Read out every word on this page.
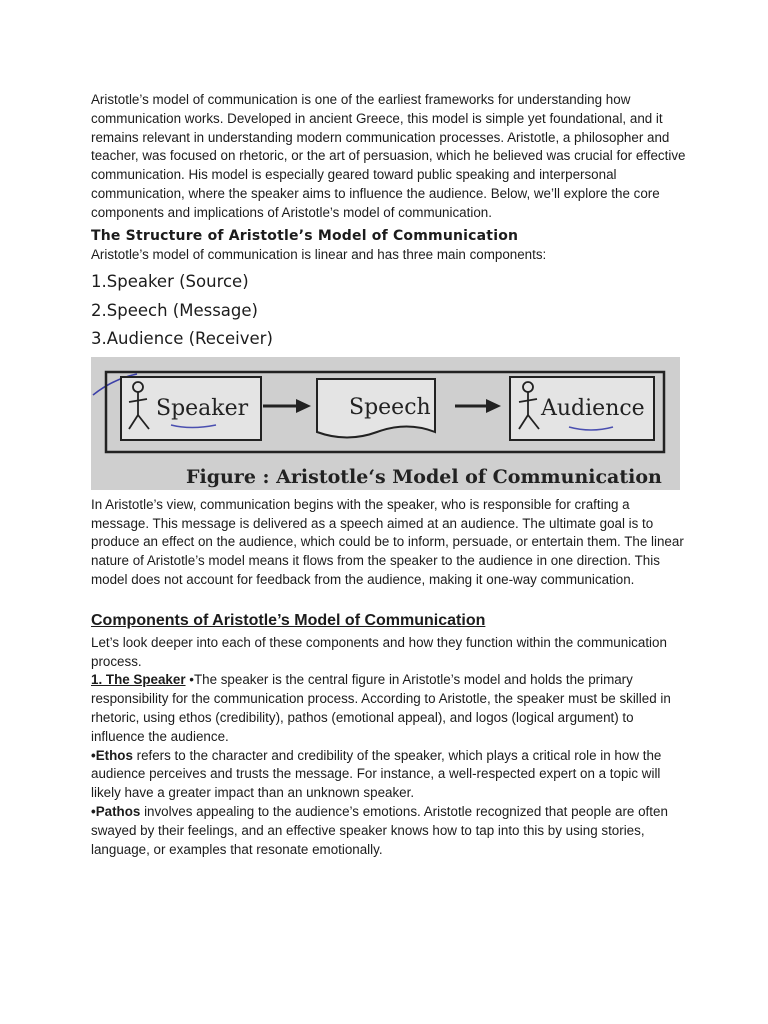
Aristotle’s model of communication is one of the earliest frameworks for understanding how communication works. Developed in ancient Greece, this model is simple yet foundational, and it remains relevant in understanding modern communication processes. Aristotle, a philosopher and teacher, was focused on rhetoric, or the art of persuasion, which he believed was crucial for effective communication. His model is especially geared toward public speaking and interpersonal communication, where the speaker aims to influence the audience. Below, we’ll explore the core components and implications of Aristotle’s model of communication.

The Structure of Aristotle’s Model of Communication

Aristotle’s model of communication is linear and has three main components:

1.Speaker (Source)

2.Speech (Message)

3.Audience (Receiver)

Speaker	Speech	Audience
Figure : Aristotle‘s Model of Communication

In Aristotle’s view, communication begins with the speaker, who is responsible for crafting a message. This message is delivered as a speech aimed at an audience. The ultimate goal is to produce an effect on the audience, which could be to inform, persuade, or entertain them. The linear nature of Aristotle’s model means it flows from the speaker to the audience in one direction. This model does not account for feedback from the audience, making it one-way communication.

Components of Aristotle’s Model of Communication

Let’s look deeper into each of these components and how they function within the communication process.

1. The Speaker •The speaker is the central figure in Aristotle’s model and holds the primary responsibility for the communication process. According to Aristotle, the speaker must be skilled in rhetoric, using ethos (credibility), pathos (emotional appeal), and logos (logical argument) to influence the audience.

•Ethos refers to the character and credibility of the speaker, which plays a critical role in how the audience perceives and trusts the message. For instance, a well-respected expert on a topic will likely have a greater impact than an unknown speaker.

•Pathos involves appealing to the audience’s emotions. Aristotle recognized that people are often swayed by their feelings, and an effective speaker knows how to tap into this by using stories, language, or examples that resonate emotionally.
